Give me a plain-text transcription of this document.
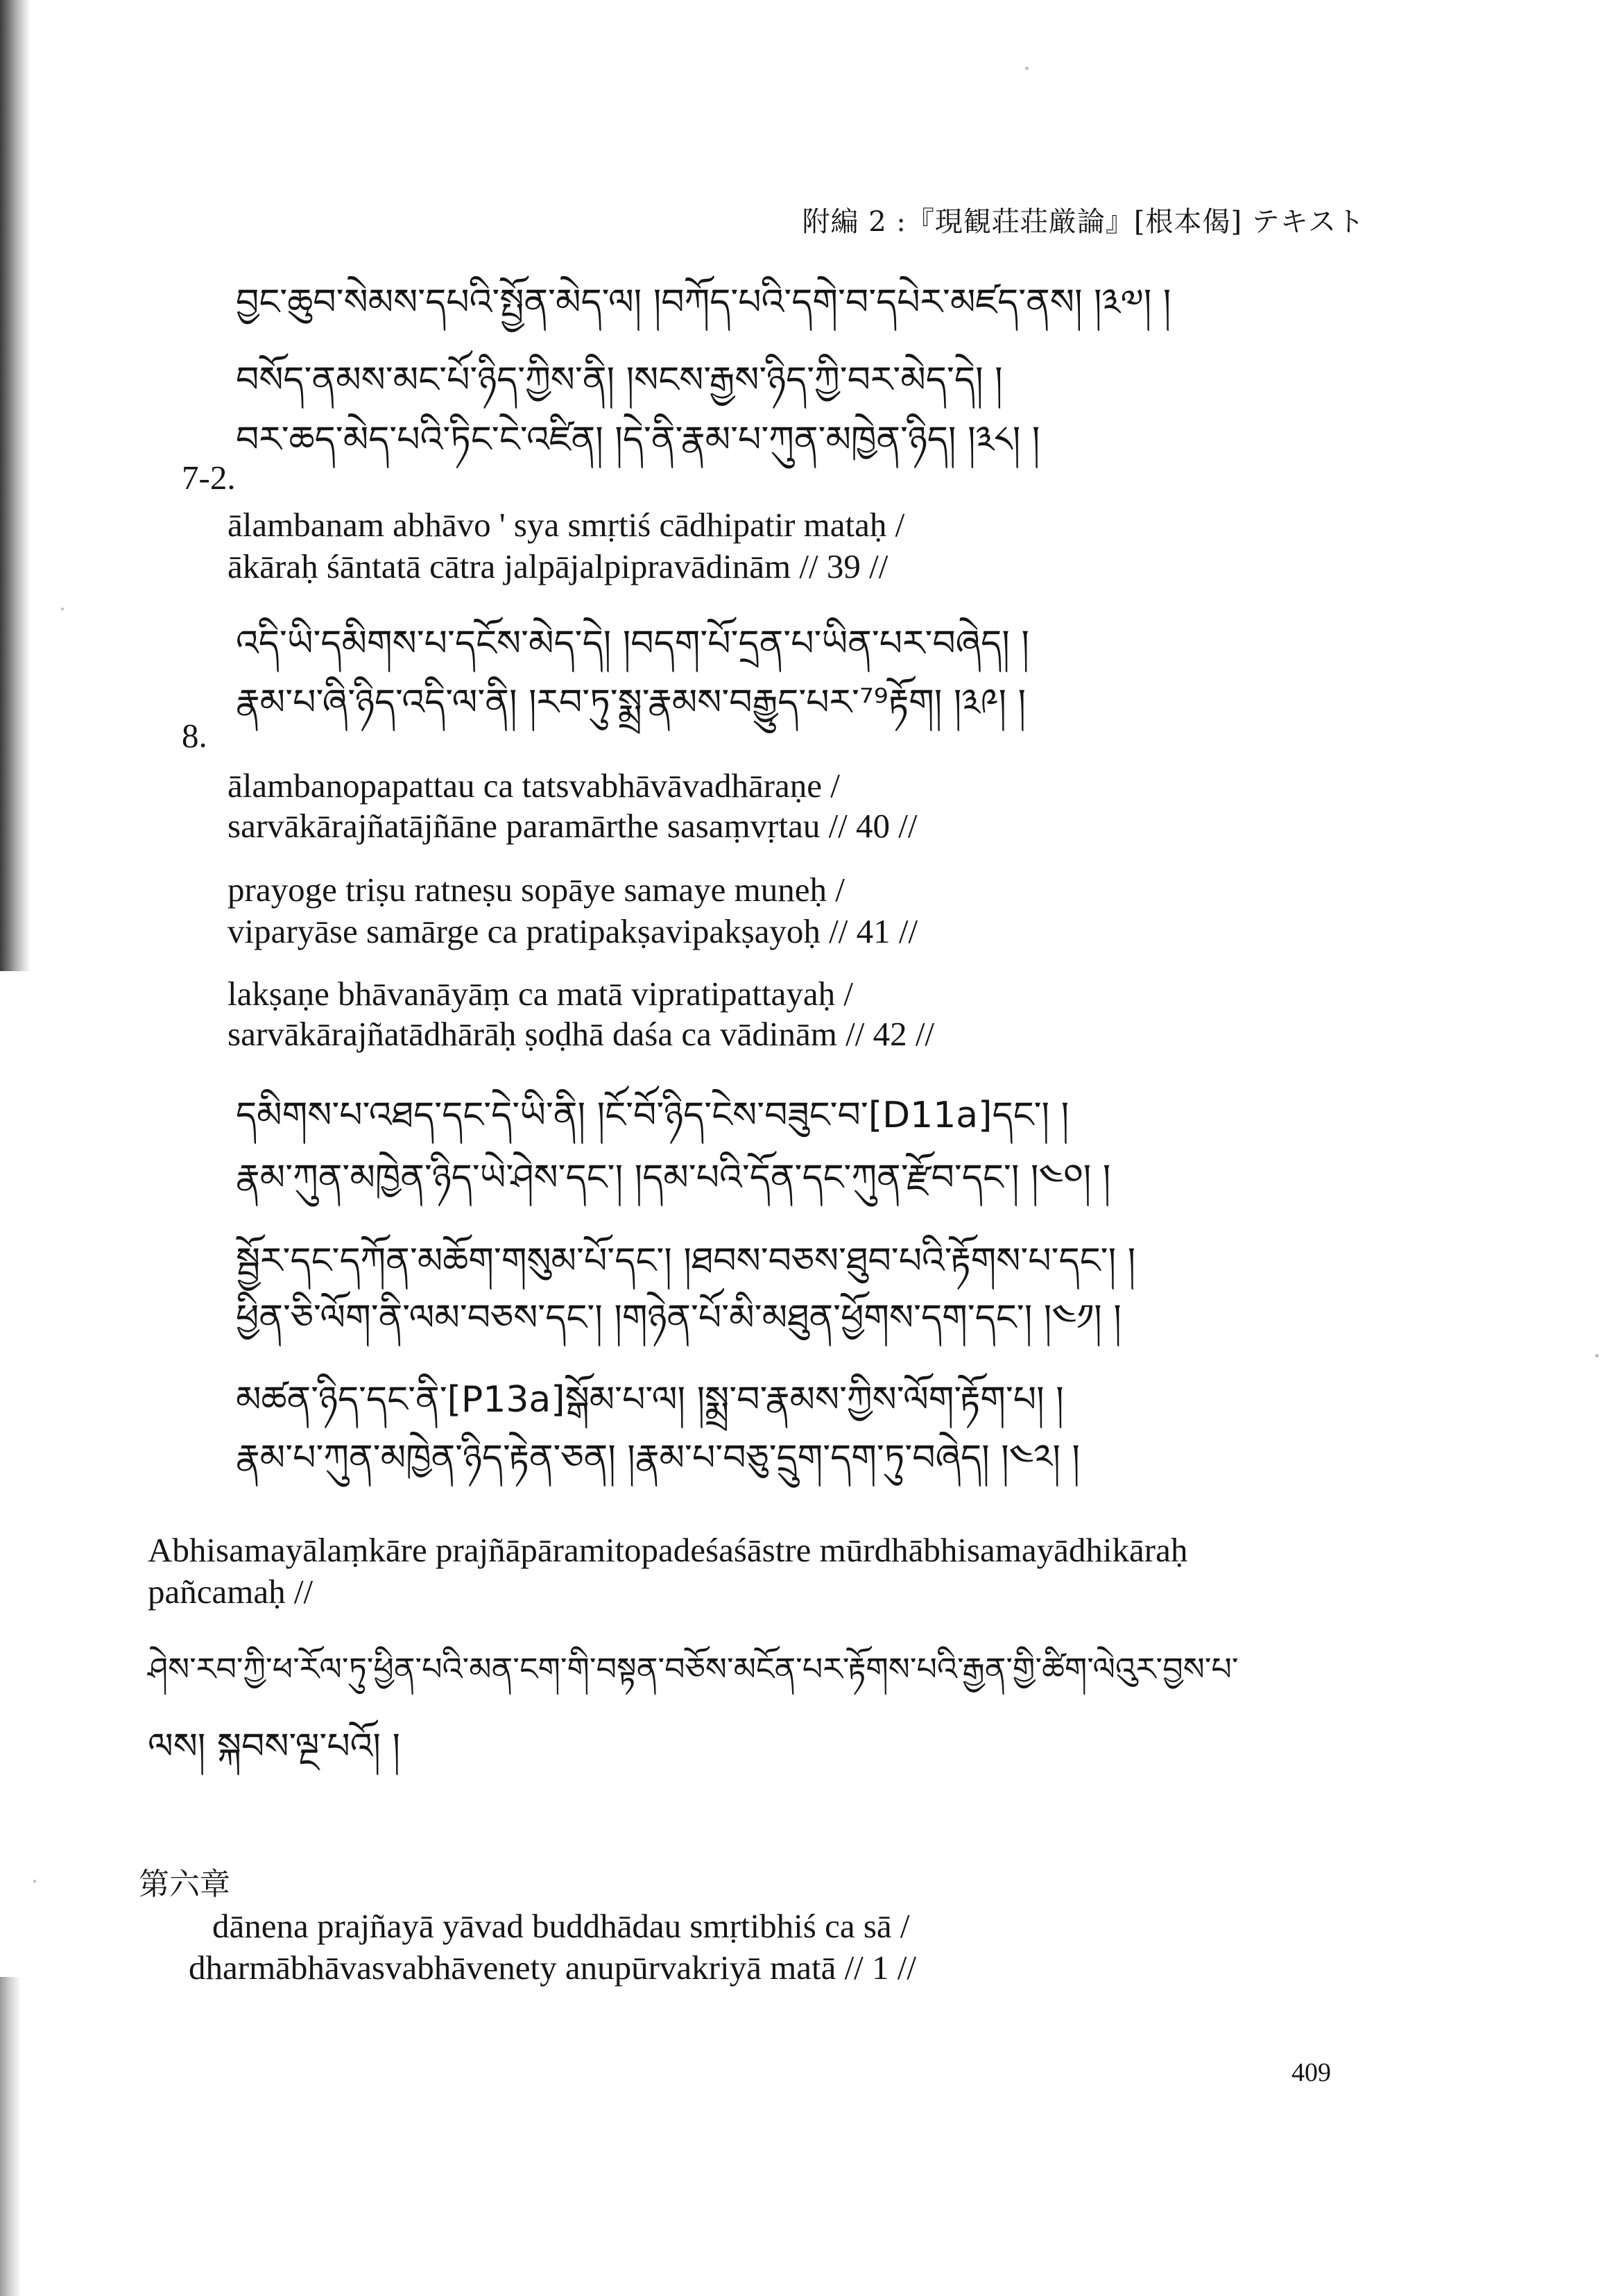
附編 2 :『現観荘荘厳論』[根本偈] テキスト
བྱང་ཆུབ་སེམས་དཔའི་སྤྱོན་མེད་ལ། །བཀོད་པའི་དགེ་བ་དཔེར་མཛད་ནས། །༣༧། །
བསོད་ནམས་མང་པོ་ཉིད་ཀྱིས་ནི། །སངས་རྒྱས་ཉིད་ཀྱི་བར་མེད་དེ། །
བར་ཆད་མེད་པའི་ཏིང་ངེ་འཛིན། །དེ་ནི་རྣམ་པ་ཀུན་མཁྱེན་ཉིད། །༣༨། །
7-2.
ālambanam abhāvo ' sya smṛtiś cādhipatir mataḥ /
ākāraḥ śāntatā cātra jalpājalpipravādinām // 39 //
འདི་ཡི་དམིགས་པ་དངོས་མེད་དེ། །བདག་པོ་དྲན་པ་ཡིན་པར་བཞེད། །
རྣམ་པ་ཞི་ཉིད་འདི་ལ་ནི། །རབ་ཏུ་སྨྲ་རྣམས་བརྒྱུད་པར་⁷⁹རྟོག། །༣༩། །
8.
ālambanopapattau ca tatsvabhāvāvadhāraṇe /
sarvākārajñatājñāne paramārthe sasaṃvṛtau // 40 //
prayoge triṣu ratneṣu sopāye samaye muneḥ /
viparyāse samārge ca pratipakṣavipakṣayoḥ // 41 //
lakṣaṇe bhāvanāyāṃ ca matā vipratipattayaḥ /
sarvākārajñatādhārāḥ ṣoḍhā daśa ca vādinām // 42 //
དམིགས་པ་འཐད་དང་དེ་ཡི་ནི། །ངོ་བོ་ཉིད་ངེས་བཟུང་བ་[D11a]དང་། །
རྣམ་ཀུན་མཁྱེན་ཉིད་ཡེ་ཤེས་དང་། །དམ་པའི་དོན་དང་ཀུན་རྫོབ་དང་། །༤༠། །
སྦྱོར་དང་དཀོན་མཆོག་གསུམ་པོ་དང་། །ཐབས་བཅས་ཐུབ་པའི་རྟོགས་པ་དང་། །
ཕྱིན་ཅི་ལོག་ནི་ལམ་བཅས་དང་། །གཉེན་པོ་མི་མཐུན་ཕྱོགས་དག་དང་། །༤༡། །
མཚན་ཉིད་དང་ནི་[P13a]སྒོམ་པ་ལ། །སྨྲ་བ་རྣམས་ཀྱིས་ལོག་རྟོག་པ། །
རྣམ་པ་ཀུན་མཁྱེན་ཉིད་རྟེན་ཅན། །རྣམ་པ་བཅུ་དྲུག་དག་ཏུ་བཞེད། །༤༢། །
Abhisamayālaṃkāre prajñāpāramitopadeśaśāstre mūrdhābhisamayādhikāraḥ
pañcamaḥ //
ཤེས་རབ་ཀྱི་ཕ་རོལ་ཏུ་ཕྱིན་པའི་མན་ངག་གི་བསྟན་བཅོས་མངོན་པར་རྟོགས་པའི་རྒྱན་གྱི་ཚིག་ལེའུར་བྱས་པ་
ལས། སྐབས་ལྔ་པའོ། །
第六章
dānena prajñayā yāvad buddhādau smṛtibhiś ca sā /
dharmābhāvasvabhāvenety anupūrvakriyā matā // 1 //
409
